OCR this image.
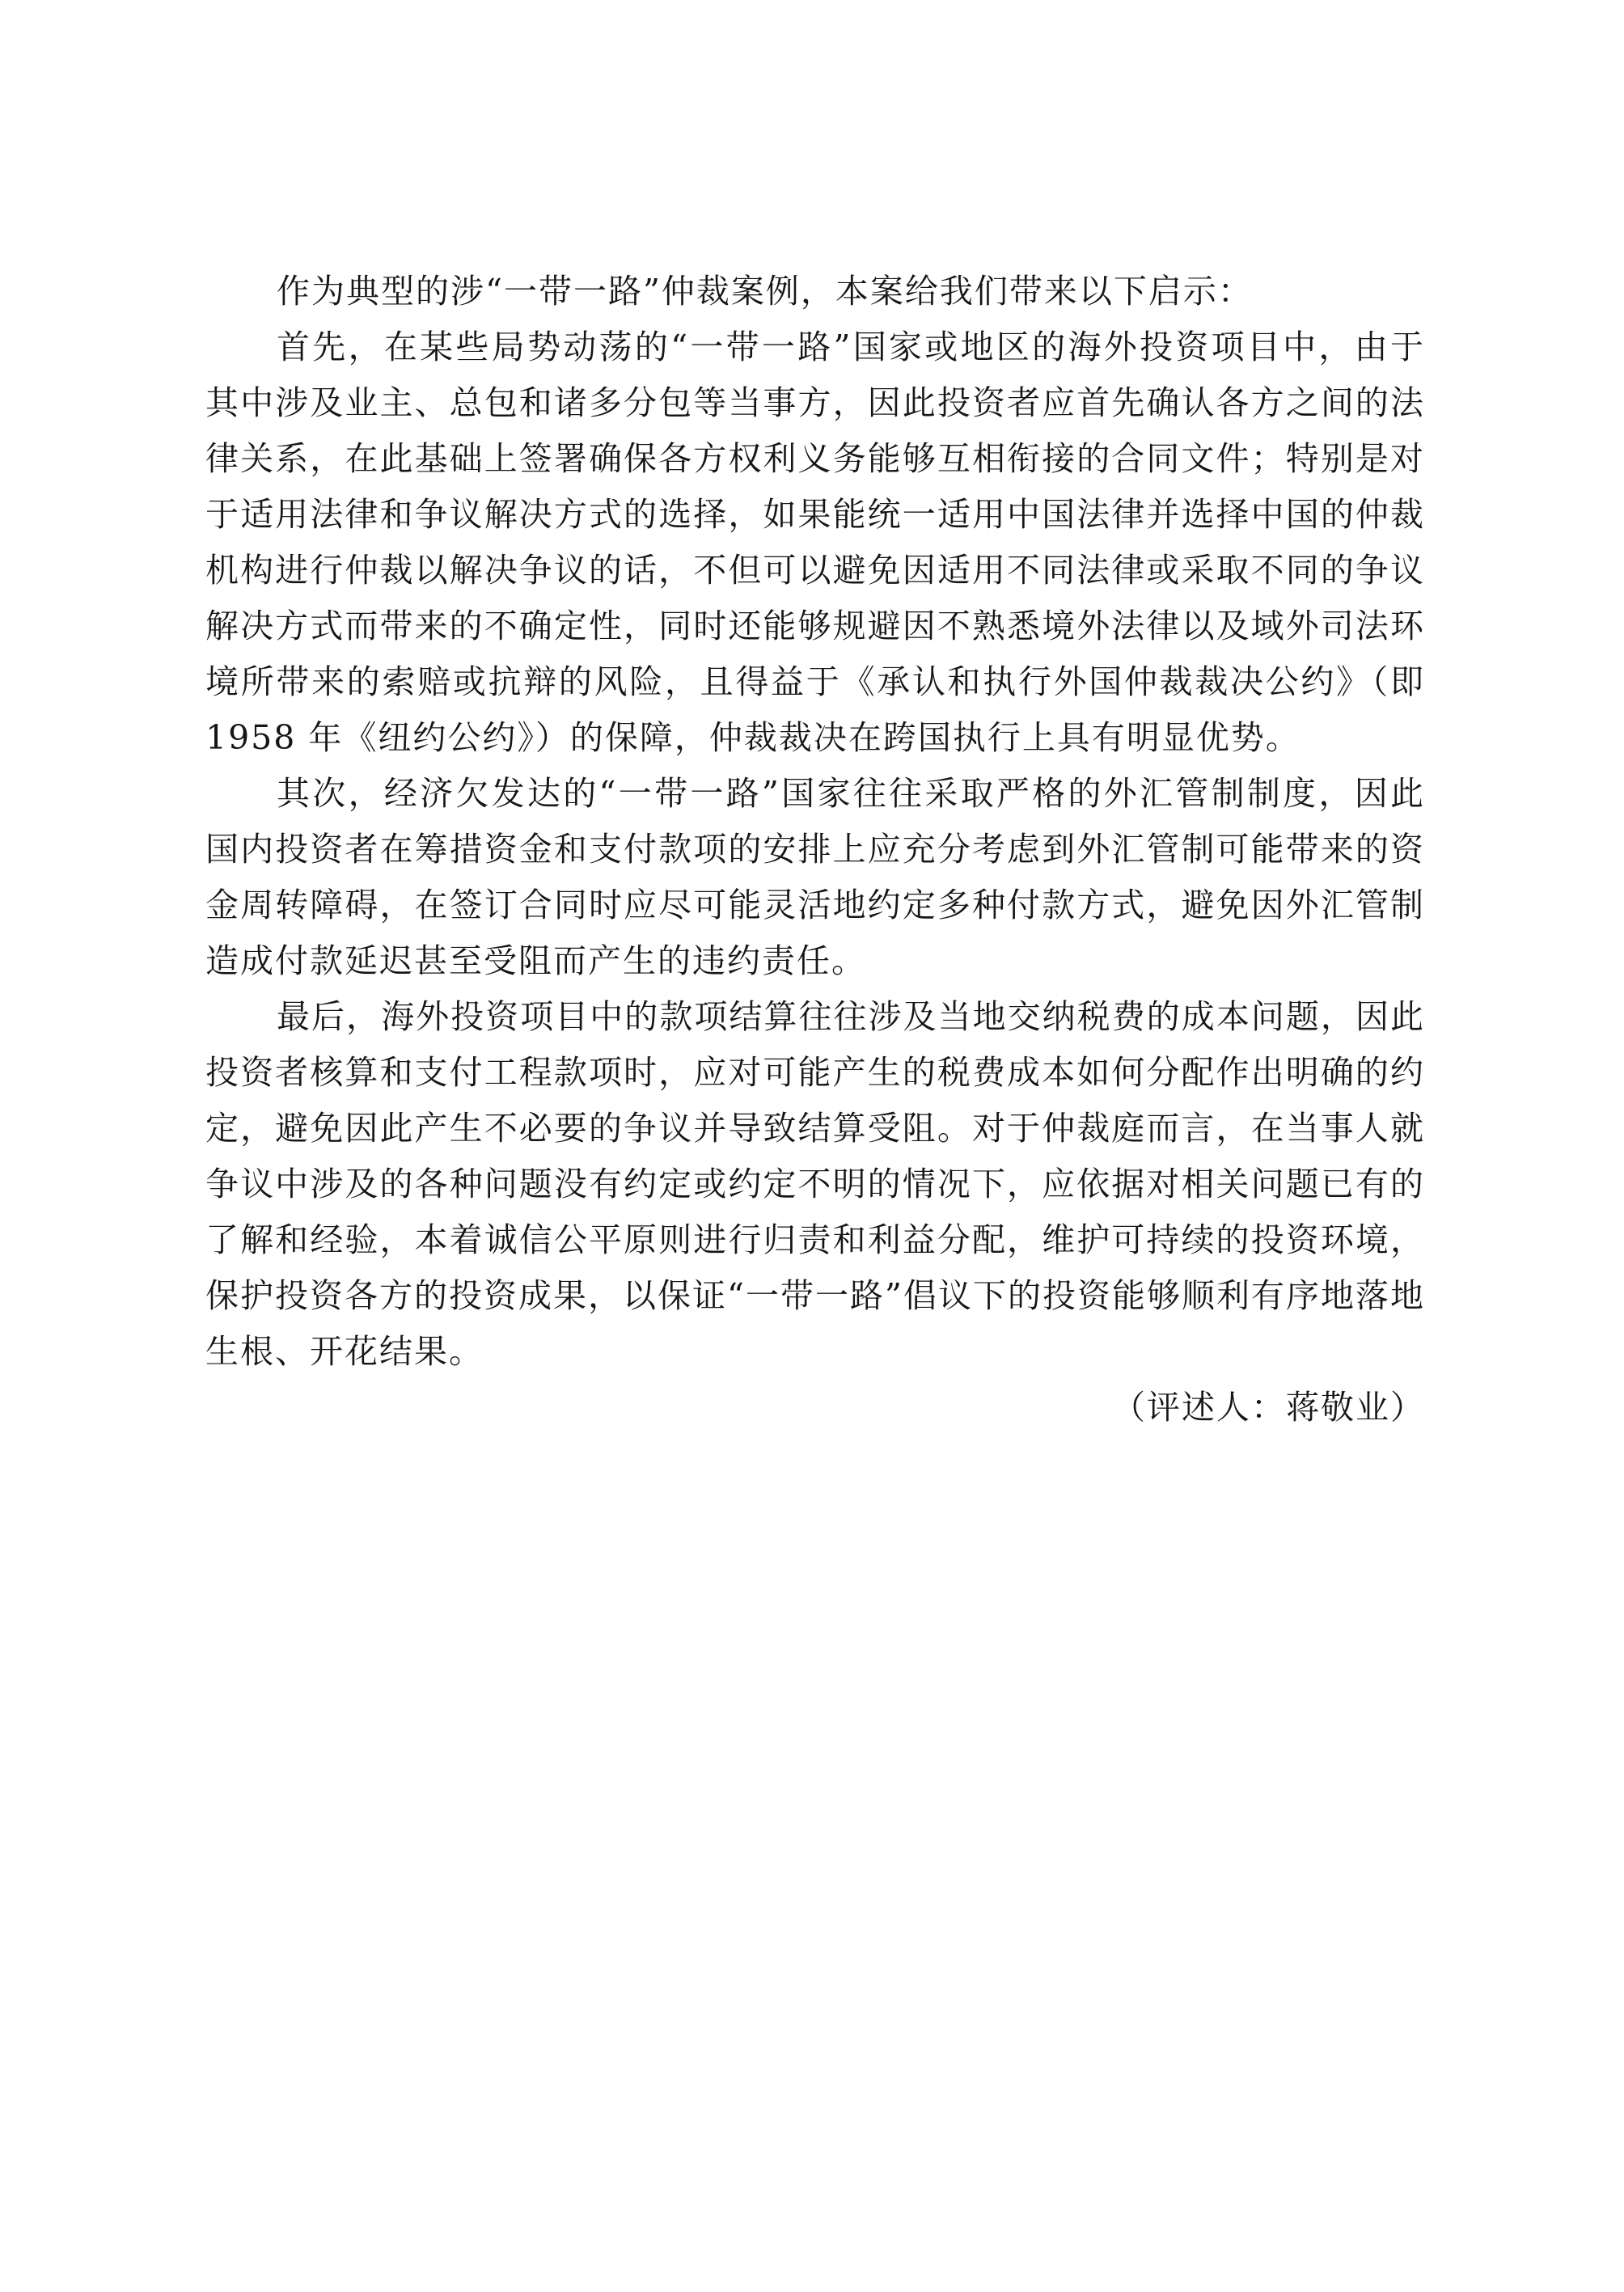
作为典型的涉“一带一路”仲裁案例，本案给我们带来以下启示：

首先，在某些局势动荡的“一带一路”国家或地区的海外投资项目中，由于其中涉及业主、总包和诸多分包等当事方，因此投资者应首先确认各方之间的法律关系，在此基础上签署确保各方权利义务能够互相衔接的合同文件；特别是对于适用法律和争议解决方式的选择，如果能统一适用中国法律并选择中国的仲裁机构进行仲裁以解决争议的话，不但可以避免因适用不同法律或采取不同的争议解决方式而带来的不确定性，同时还能够规避因不熟悉境外法律以及域外司法环境所带来的索赔或抗辩的风险，且得益于《承认和执行外国仲裁裁决公约》（即 1958 年《纽约公约》）的保障，仲裁裁决在跨国执行上具有明显优势。

其次，经济欠发达的“一带一路”国家往往采取严格的外汇管制制度，因此国内投资者在筹措资金和支付款项的安排上应充分考虑到外汇管制可能带来的资金周转障碍，在签订合同时应尽可能灵活地约定多种付款方式，避免因外汇管制造成付款延迟甚至受阻而产生的违约责任。

最后，海外投资项目中的款项结算往往涉及当地交纳税费的成本问题，因此投资者核算和支付工程款项时，应对可能产生的税费成本如何分配作出明确的约定，避免因此产生不必要的争议并导致结算受阻。对于仲裁庭而言，在当事人就争议中涉及的各种问题没有约定或约定不明的情况下，应依据对相关问题已有的了解和经验，本着诚信公平原则进行归责和利益分配，维护可持续的投资环境，保护投资各方的投资成果，以保证“一带一路”倡议下的投资能够顺利有序地落地生根、开花结果。

（评述人：蒋敬业）
